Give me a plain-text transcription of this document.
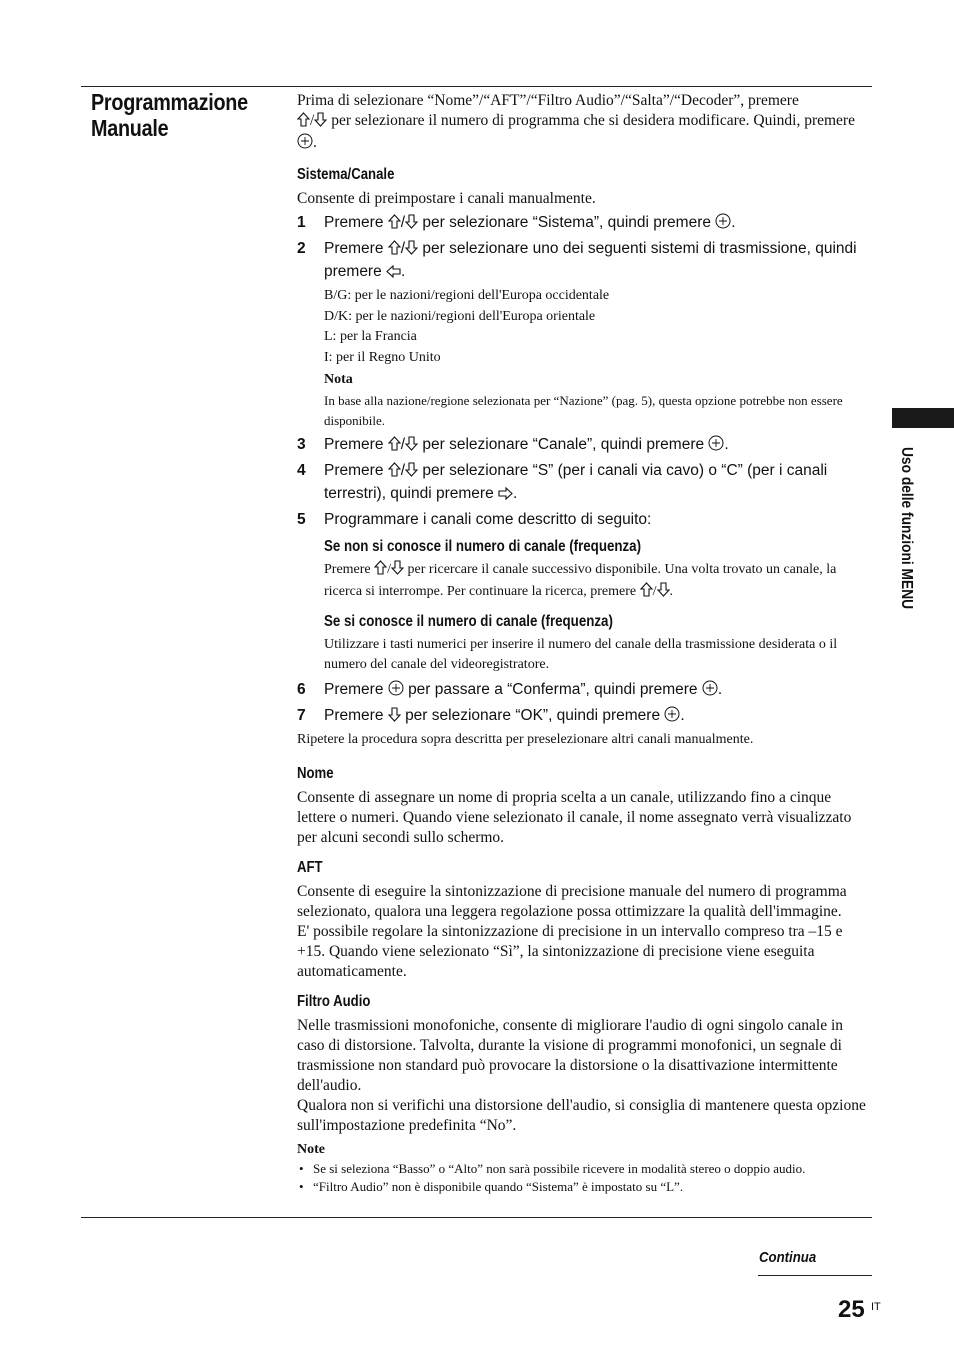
Programmazione
Manuale

Prima di selezionare “Nome”/“AFT”/“Filtro Audio”/“Salta”/“Decoder”, premere
/ per selezionare il numero di programma che si desidera modificare. Quindi, premere .

Sistema/Canale

Consente di preimpostare i canali manualmente.

1 Premere / per selezionare “Sistema”, quindi premere .
2 Premere / per selezionare uno dei seguenti sistemi di trasmissione, quindi premere .
B/G: per le nazioni/regioni dell'Europa occidentale
D/K: per le nazioni/regioni dell'Europa orientale
L: per la Francia
I: per il Regno Unito
Nota
In base alla nazione/regione selezionata per “Nazione” (pag. 5), questa opzione potrebbe non essere disponibile.
3 Premere / per selezionare “Canale”, quindi premere .
4 Premere / per selezionare “S” (per i canali via cavo) o “C” (per i canali terrestri), quindi premere .
5 Programmare i canali come descritto di seguito:
Se non si conosce il numero di canale (frequenza)
Premere / per ricercare il canale successivo disponibile. Una volta trovato un canale, la ricerca si interrompe. Per continuare la ricerca, premere / .
Se si conosce il numero di canale (frequenza)
Utilizzare i tasti numerici per inserire il numero del canale della trasmissione desiderata o il numero del canale del videoregistratore.
6 Premere per passare a “Conferma”, quindi premere .
7 Premere per selezionare “OK”, quindi premere .

Ripetere la procedura sopra descritta per preselezionare altri canali manualmente.

Nome

Consente di assegnare un nome di propria scelta a un canale, utilizzando fino a cinque lettere o numeri. Quando viene selezionato il canale, il nome assegnato verrà visualizzato per alcuni secondi sullo schermo.

AFT

Consente di eseguire la sintonizzazione di precisione manuale del numero di programma selezionato, qualora una leggera regolazione possa ottimizzare la qualità dell'immagine.

E' possibile regolare la sintonizzazione di precisione in un intervallo compreso tra –15 e +15. Quando viene selezionato “Sì”, la sintonizzazione di precisione viene eseguita automaticamente.

Filtro Audio

Nelle trasmissioni monofoniche, consente di migliorare l'audio di ogni singolo canale in caso di distorsione. Talvolta, durante la visione di programmi monofonici, un segnale di trasmissione non standard può provocare la distorsione o la disattivazione intermittente dell'audio.

Qualora non si verifichi una distorsione dell'audio, si consiglia di mantenere questa opzione sull'impostazione predefinita “No”.

Note
• Se si seleziona “Basso” o “Alto” non sarà possibile ricevere in modalità stereo o doppio audio.
• “Filtro Audio” non è disponibile quando “Sistema” è impostato su “L”.
Uso delle funzioni MENU
Continua
25 IT
